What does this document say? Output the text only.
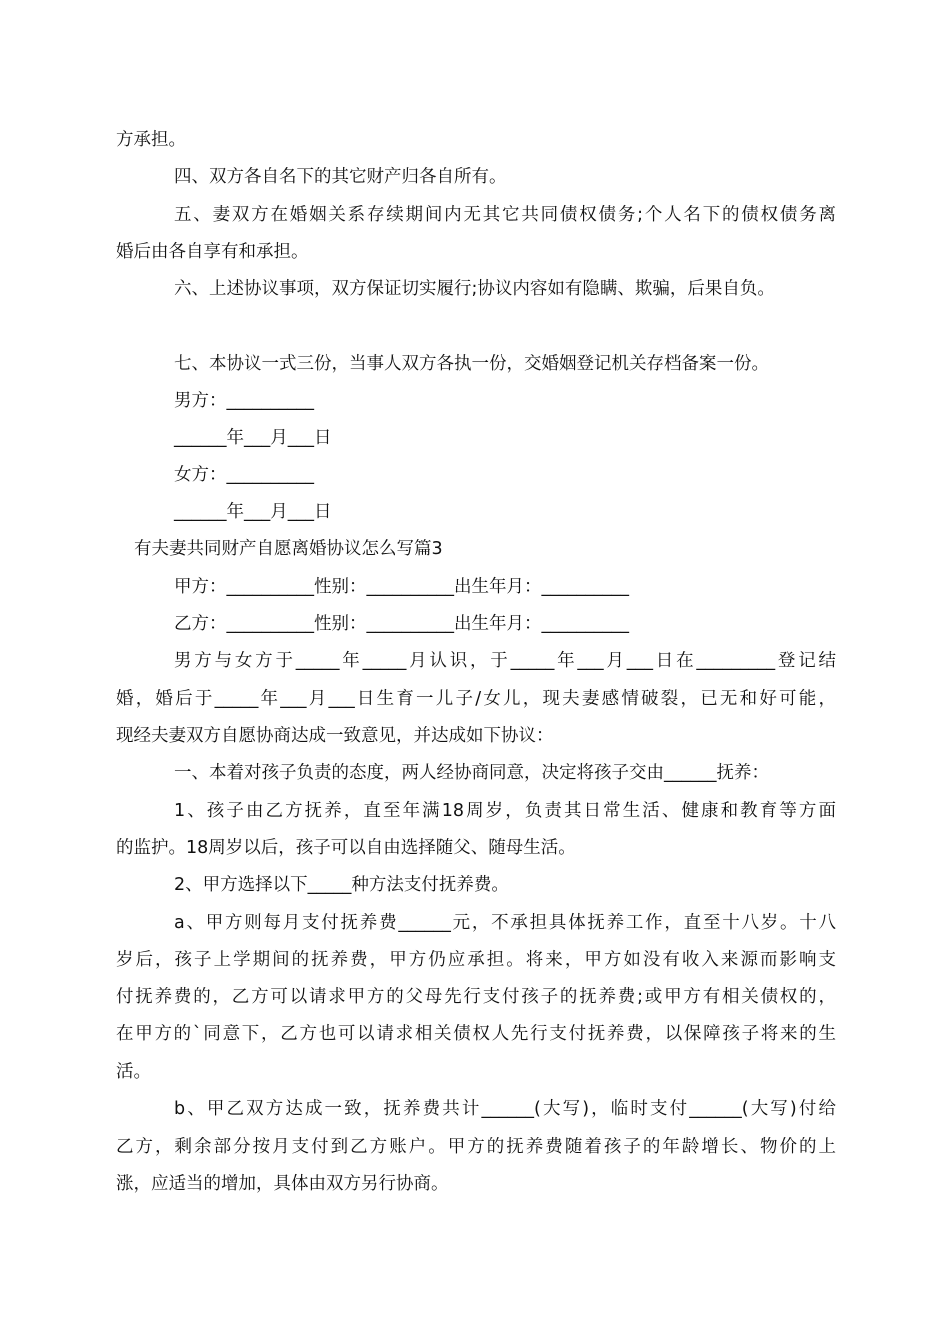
方承担。
四、双方各自名下的其它财产归各自所有。
五、妻双方在婚姻关系存续期间内无其它共同债权债务;个人名下的债权债务离
婚后由各自享有和承担。
六、上述协议事项，双方保证切实履行;协议内容如有隐瞒、欺骗，后果自负。
七、本协议一式三份，当事人双方各执一份，交婚姻登记机关存档备案一份。
男方：__________
______年___月___日
女方：__________
______年___月___日
有夫妻共同财产自愿离婚协议怎么写篇3
甲方：__________性别：__________出生年月：__________
乙方：__________性别：__________出生年月：__________
男方与女方于_____年_____月认识，于_____年___月___日在_________登记结
婚，婚后于_____年___月___日生育一儿子/女儿，现夫妻感情破裂，已无和好可能，
现经夫妻双方自愿协商达成一致意见，并达成如下协议：
一、本着对孩子负责的态度，两人经协商同意，决定将孩子交由______抚养：
1、孩子由乙方抚养，直至年满18周岁，负责其日常生活、健康和教育等方面
的监护。18周岁以后，孩子可以自由选择随父、随母生活。
2、甲方选择以下_____种方法支付抚养费。
a、甲方则每月支付抚养费______元，不承担具体抚养工作，直至十八岁。十八
岁后，孩子上学期间的抚养费，甲方仍应承担。将来，甲方如没有收入来源而影响支
付抚养费的，乙方可以请求甲方的父母先行支付孩子的抚养费;或甲方有相关债权的，
在甲方的`同意下，乙方也可以请求相关债权人先行支付抚养费，以保障孩子将来的生
活。
b、甲乙双方达成一致，抚养费共计______(大写)，临时支付______(大写)付给
乙方，剩余部分按月支付到乙方账户。甲方的抚养费随着孩子的年龄增长、物价的上
涨，应适当的增加，具体由双方另行协商。
